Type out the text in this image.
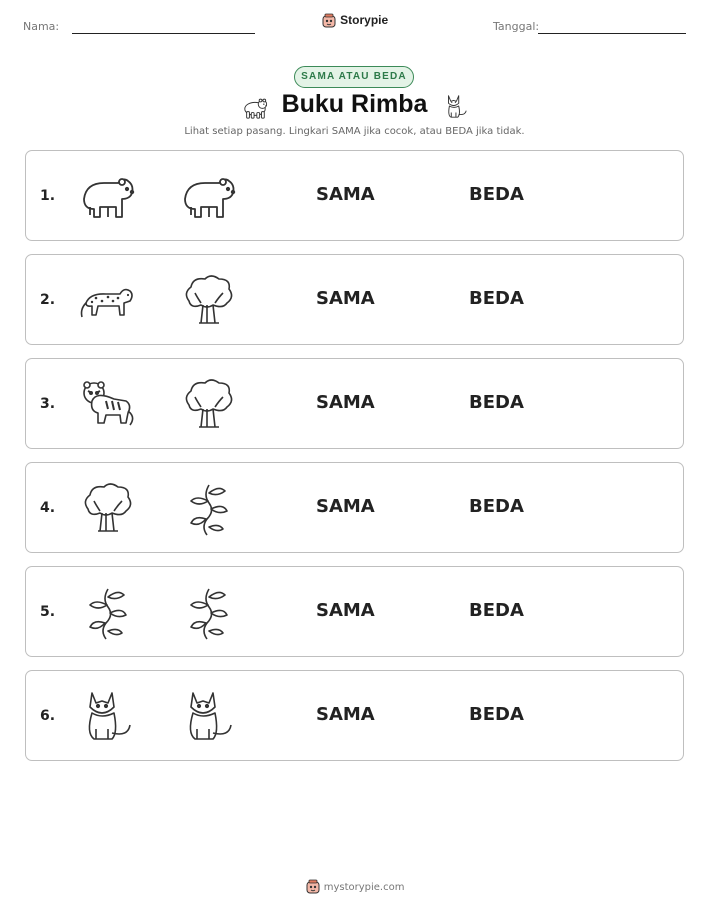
Nama:	Storypie	Tanggal:
SAMA ATAU BEDA
Buku Rimba
Lihat setiap pasang. Lingkari SAMA jika cocok, atau BEDA jika tidak.
1.	SAMA	BEDA
2.	SAMA	BEDA
3.	SAMA	BEDA
4.	SAMA	BEDA
5.	SAMA	BEDA
6.	SAMA	BEDA
mystorypie.com
